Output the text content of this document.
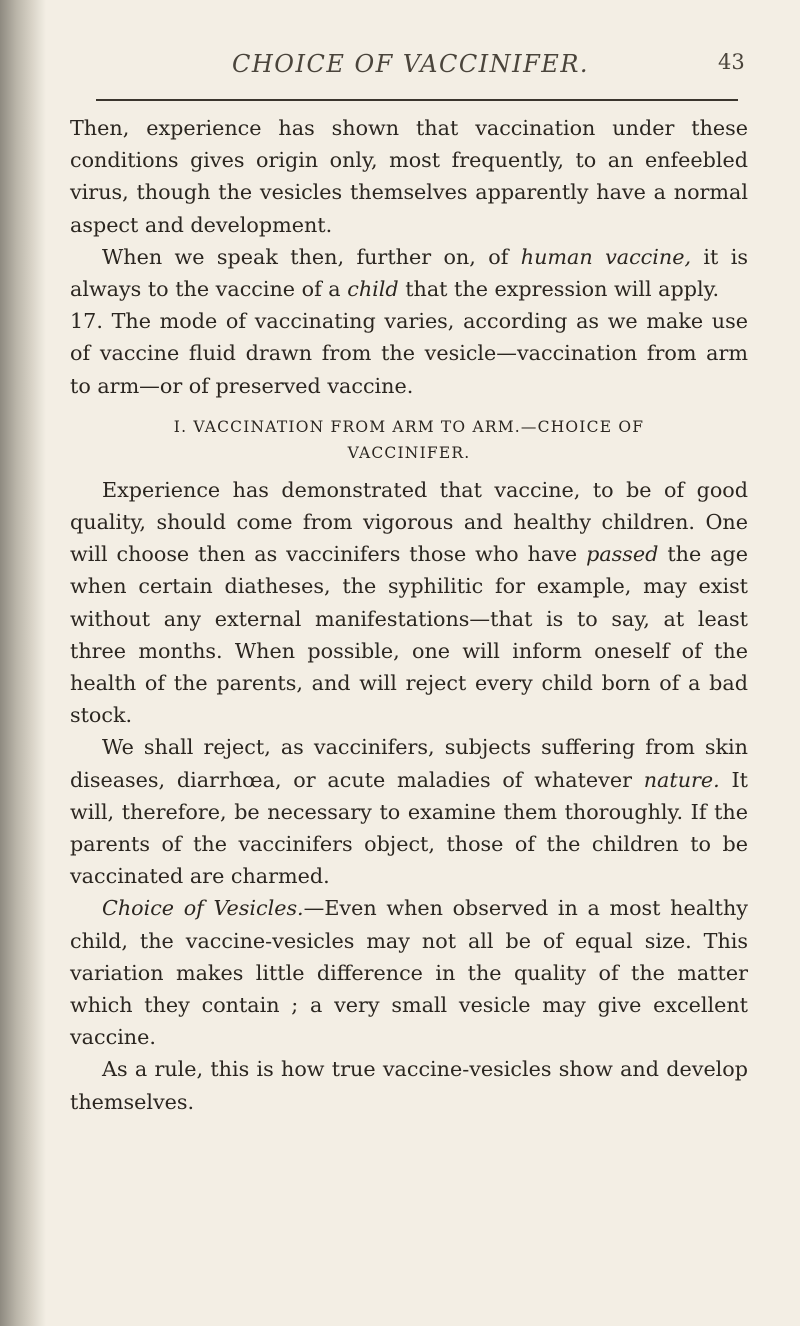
CHOICE OF VACCINIFER.	43

Then, experience has shown that vaccination under these conditions gives origin only, most frequently, to an enfeebled virus, though the vesicles themselves apparently have a normal aspect and development.

When we speak then, further on, of human vaccine, it is always to the vaccine of a child that the expression will apply.

17. The mode of vaccinating varies, according as we make use of vaccine fluid drawn from the vesicle—vaccination from arm to arm—or of preserved vaccine.

I. VACCINATION FROM ARM TO ARM.—CHOICE OF
VACCINIFER.

Experience has demonstrated that vaccine, to be of good quality, should come from vigorous and healthy children. One will choose then as vaccinifers those who have passed the age when certain diatheses, the syphilitic for example, may exist without any external manifestations—that is to say, at least three months. When possible, one will inform oneself of the health of the parents, and will reject every child born of a bad stock.

We shall reject, as vaccinifers, subjects suffering from skin diseases, diarrhœa, or acute maladies of whatever nature. It will, therefore, be necessary to examine them thoroughly. If the parents of the vaccinifers object, those of the children to be vaccinated are charmed.

Choice of Vesicles.—Even when observed in a most healthy child, the vaccine-vesicles may not all be of equal size. This variation makes little difference in the quality of the matter which they contain ; a very small vesicle may give excellent vaccine.

As a rule, this is how true vaccine-vesicles show and develop themselves.
